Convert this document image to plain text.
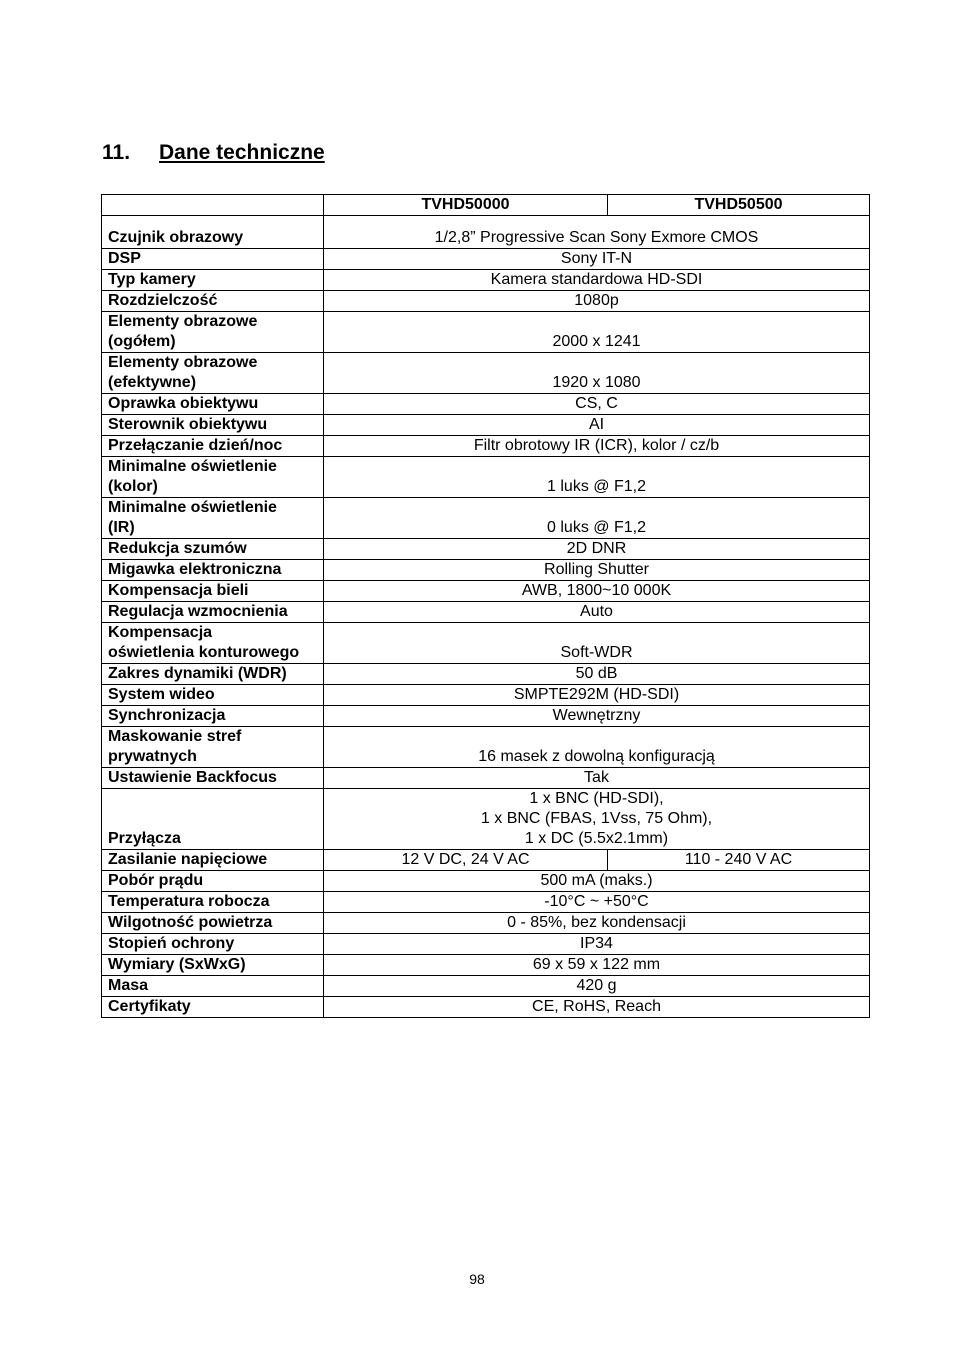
11. Dane techniczne
	TVHD50000	TVHD50500
Czujnik obrazowy	1/2,8” Progressive Scan Sony Exmore CMOS	
DSP	Sony IT-N	
Typ kamery	Kamera standardowa HD-SDI	
Rozdzielczość	1080p	

Elementy obrazowe
(ogółem)	2000 x 1241	

Elementy obrazowe
(efektywne)	1920 x 1080	
Oprawka obiektywu	CS, C	
Sterownik obiektywu	AI	
Przełączanie dzień/noc	Filtr obrotowy IR (ICR), kolor / cz/b	

Minimalne oświetlenie
(kolor)	1 luks @ F1,2	

Minimalne oświetlenie
(IR)	0 luks @ F1,2	
Redukcja szumów	2D DNR	
Migawka elektroniczna	Rolling Shutter	
Kompensacja bieli	AWB, 1800~10 000K	
Regulacja wzmocnienia	Auto	

Kompensacja
oświetlenia konturowego	Soft-WDR	
Zakres dynamiki (WDR)	50 dB	
System wideo	SMPTE292M (HD-SDI)	
Synchronizacja	Wewnętrzny	

Maskowanie stref
prywatnych	16 masek z dowolną konfiguracją	
Ustawienie Backfocus	Tak	
Przyłącza	1 x BNC (HD-SDI),
1 x BNC (FBAS, 1Vss, 75 Ohm),
1 x DC (5.5x2.1mm)	

Zasilanie napięciowe	12 V DC, 24 V AC	110 - 240 V AC
Pobór prądu	500 mA (maks.)	
Temperatura robocza	-10°C ~ +50°C	
Wilgotność powietrza	0 - 85%, bez kondensacji	
Stopień ochrony	IP34	
Wymiary (SxWxG)	69 x 59 x 122 mm	
Masa	420 g	
Certyfikaty	CE, RoHS, Reach	
98
